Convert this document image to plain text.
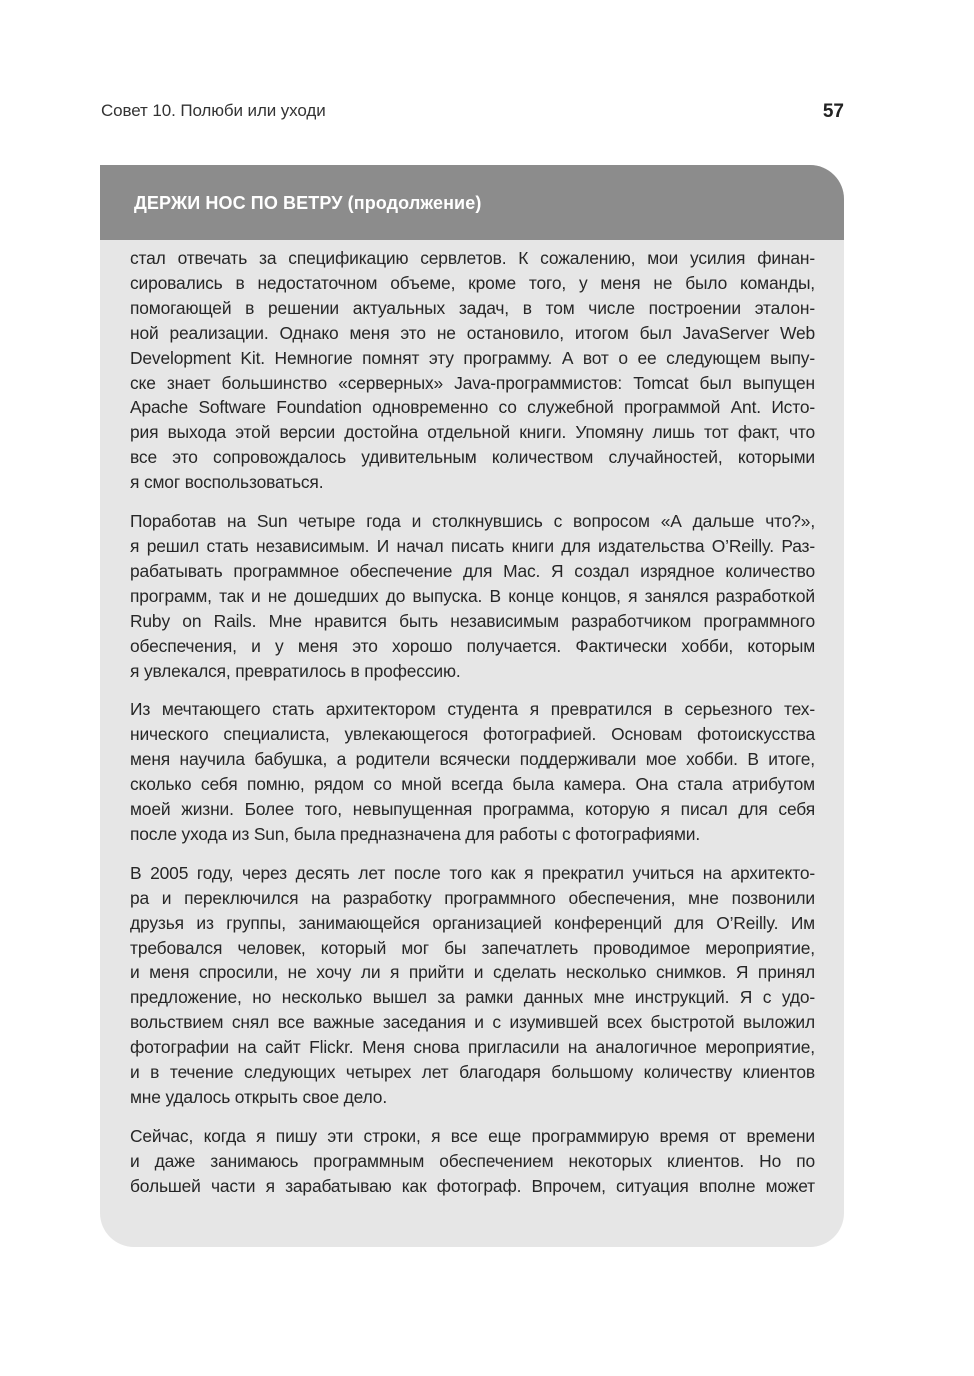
Совет 10. Полюби или уходи	57
ДЕРЖИ НОС ПО ВЕТРУ (продолжение)

стал отвечать за спецификацию сервлетов. К сожалению, мои усилия финан-
сировались в недостаточном объеме, кроме того, у меня не было команды,
помогающей в решении актуальных задач, в том числе построении эталон-
ной реализации. Однако меня это не остановило, итогом был JavaServer Web
Development Kit. Немногие помнят эту программу. А вот о ее следующем выпу-
ске знает большинство «серверных» Java-программистов: Tomcat был выпущен
Apache Software Foundation одновременно со служебной программой Ant. Исто-
рия выхода этой версии достойна отдельной книги. Упомяну лишь тот факт, что
все это сопровождалось удивительным количеством случайностей, которыми
я смог воспользоваться.

Поработав на Sun четыре года и столкнувшись с вопросом «А дальше что?»,
я решил стать независимым. И начал писать книги для издательства O’Reilly. Раз-
рабатывать программное обеспечение для Mac. Я создал изрядное количество
программ, так и не дошедших до выпуска. В конце концов, я занялся разработкой
Ruby on Rails. Мне нравится быть независимым разработчиком программного
обеспечения, и у меня это хорошо получается. Фактически хобби, которым
я увлекался, превратилось в профессию.

Из мечтающего стать архитектором студента я превратился в серьезного тех-
нического специалиста, увлекающегося фотографией. Основам фотоискусства
меня научила бабушка, а родители всячески поддерживали мое хобби. В итоге,
сколько себя помню, рядом со мной всегда была камера. Она стала атрибутом
моей жизни. Более того, невыпущенная программа, которую я писал для себя
после ухода из Sun, была предназначена для работы с фотографиями.

В 2005 году, через десять лет после того как я прекратил учиться на архитекто-
ра и переключился на разработку программного обеспечения, мне позвонили
друзья из группы, занимающейся организацией конференций для O’Reilly. Им
требовался человек, который мог бы запечатлеть проводимое мероприятие,
и меня спросили, не хочу ли я прийти и сделать несколько снимков. Я принял
предложение, но несколько вышел за рамки данных мне инструкций. Я с удо-
вольствием снял все важные заседания и с изумившей всех быстротой выложил
фотографии на сайт Flickr. Меня снова пригласили на аналогичное мероприятие,
и в течение следующих четырех лет благодаря большому количеству клиентов
мне удалось открыть свое дело.

Сейчас, когда я пишу эти строки, я все еще программирую время от времени
и даже занимаюсь программным обеспечением некоторых клиентов. Но по
большей части я зарабатываю как фотограф. Впрочем, ситуация вполне может
